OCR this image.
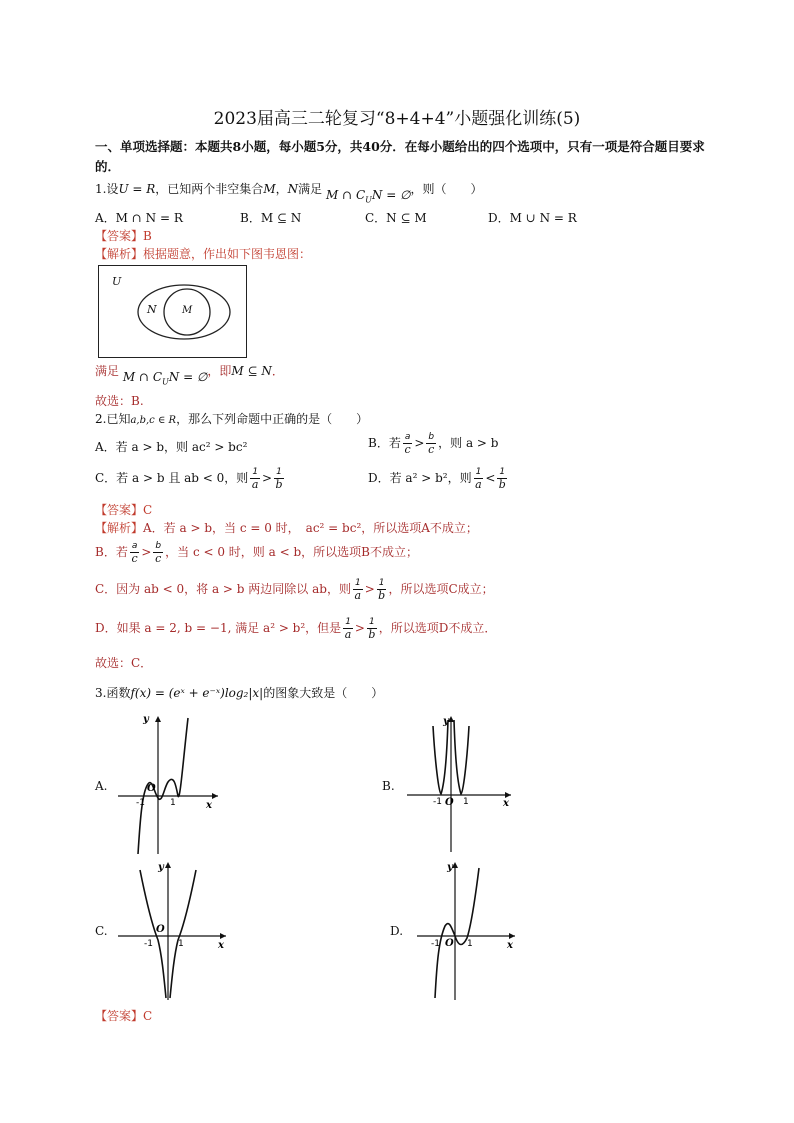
2023届高三二轮复习“8+4+4”小题强化训练(5)
一、单项选择题：本题共8小题，每小题5分，共40分．在每小题给出的四个选项中，只有一项是符合题目要求的．
1.设U = R，已知两个非空集合M，N满足 M ∩ $C_UN$ = ∅，则（　　）
A．M ∩ N = R	B．M ⊆ N	C．N ⊆ M	D．M ∪ N = R
【答案】B
【解析】根据题意，作出如下图韦恩图：
U
N	M
满足 M ∩ $C_UN$ = ∅，即M ⊆ N．
故选：B.
2.已知a,b,c ∈ R，那么下列命题中正确的是（　　）
A．若 a > b，则 ac² > bc²	B．若 $\frac{a}{c} > \frac{b}{c}$ ，则 a > b
C．若 a > b 且 ab < 0，则 $\frac{1}{a} > \frac{1}{b}$	D．若 a² > b²，则 $\frac{1}{a} < \frac{1}{b}$
【答案】C
【解析】A．若 a > b，当 c = 0 时，　ac² = bc²，所以选项A不成立；
B．若 $\frac{a}{c} > \frac{b}{c}$ ，当 c < 0 时，则 a < b，所以选项B不成立；
C．因为 ab < 0，将 a > b 两边同除以 ab，则 $\frac{1}{a} > \frac{1}{b}$ ，所以选项C成立；
D．如果 a = 2, b = −1, 满足 a² > b²，但是 $\frac{1}{a} > \frac{1}{b}$ ，所以选项D不成立．
故选：C．
3.函数f(x) = (eˣ + e⁻ˣ)log₂|x|的图象大致是（　　）
A.	B.
C.	D.
y
x
O
-1	1
y
x
O
-1 1
y
x
O
-1	1
y
x
O
-1	1
【答案】C
